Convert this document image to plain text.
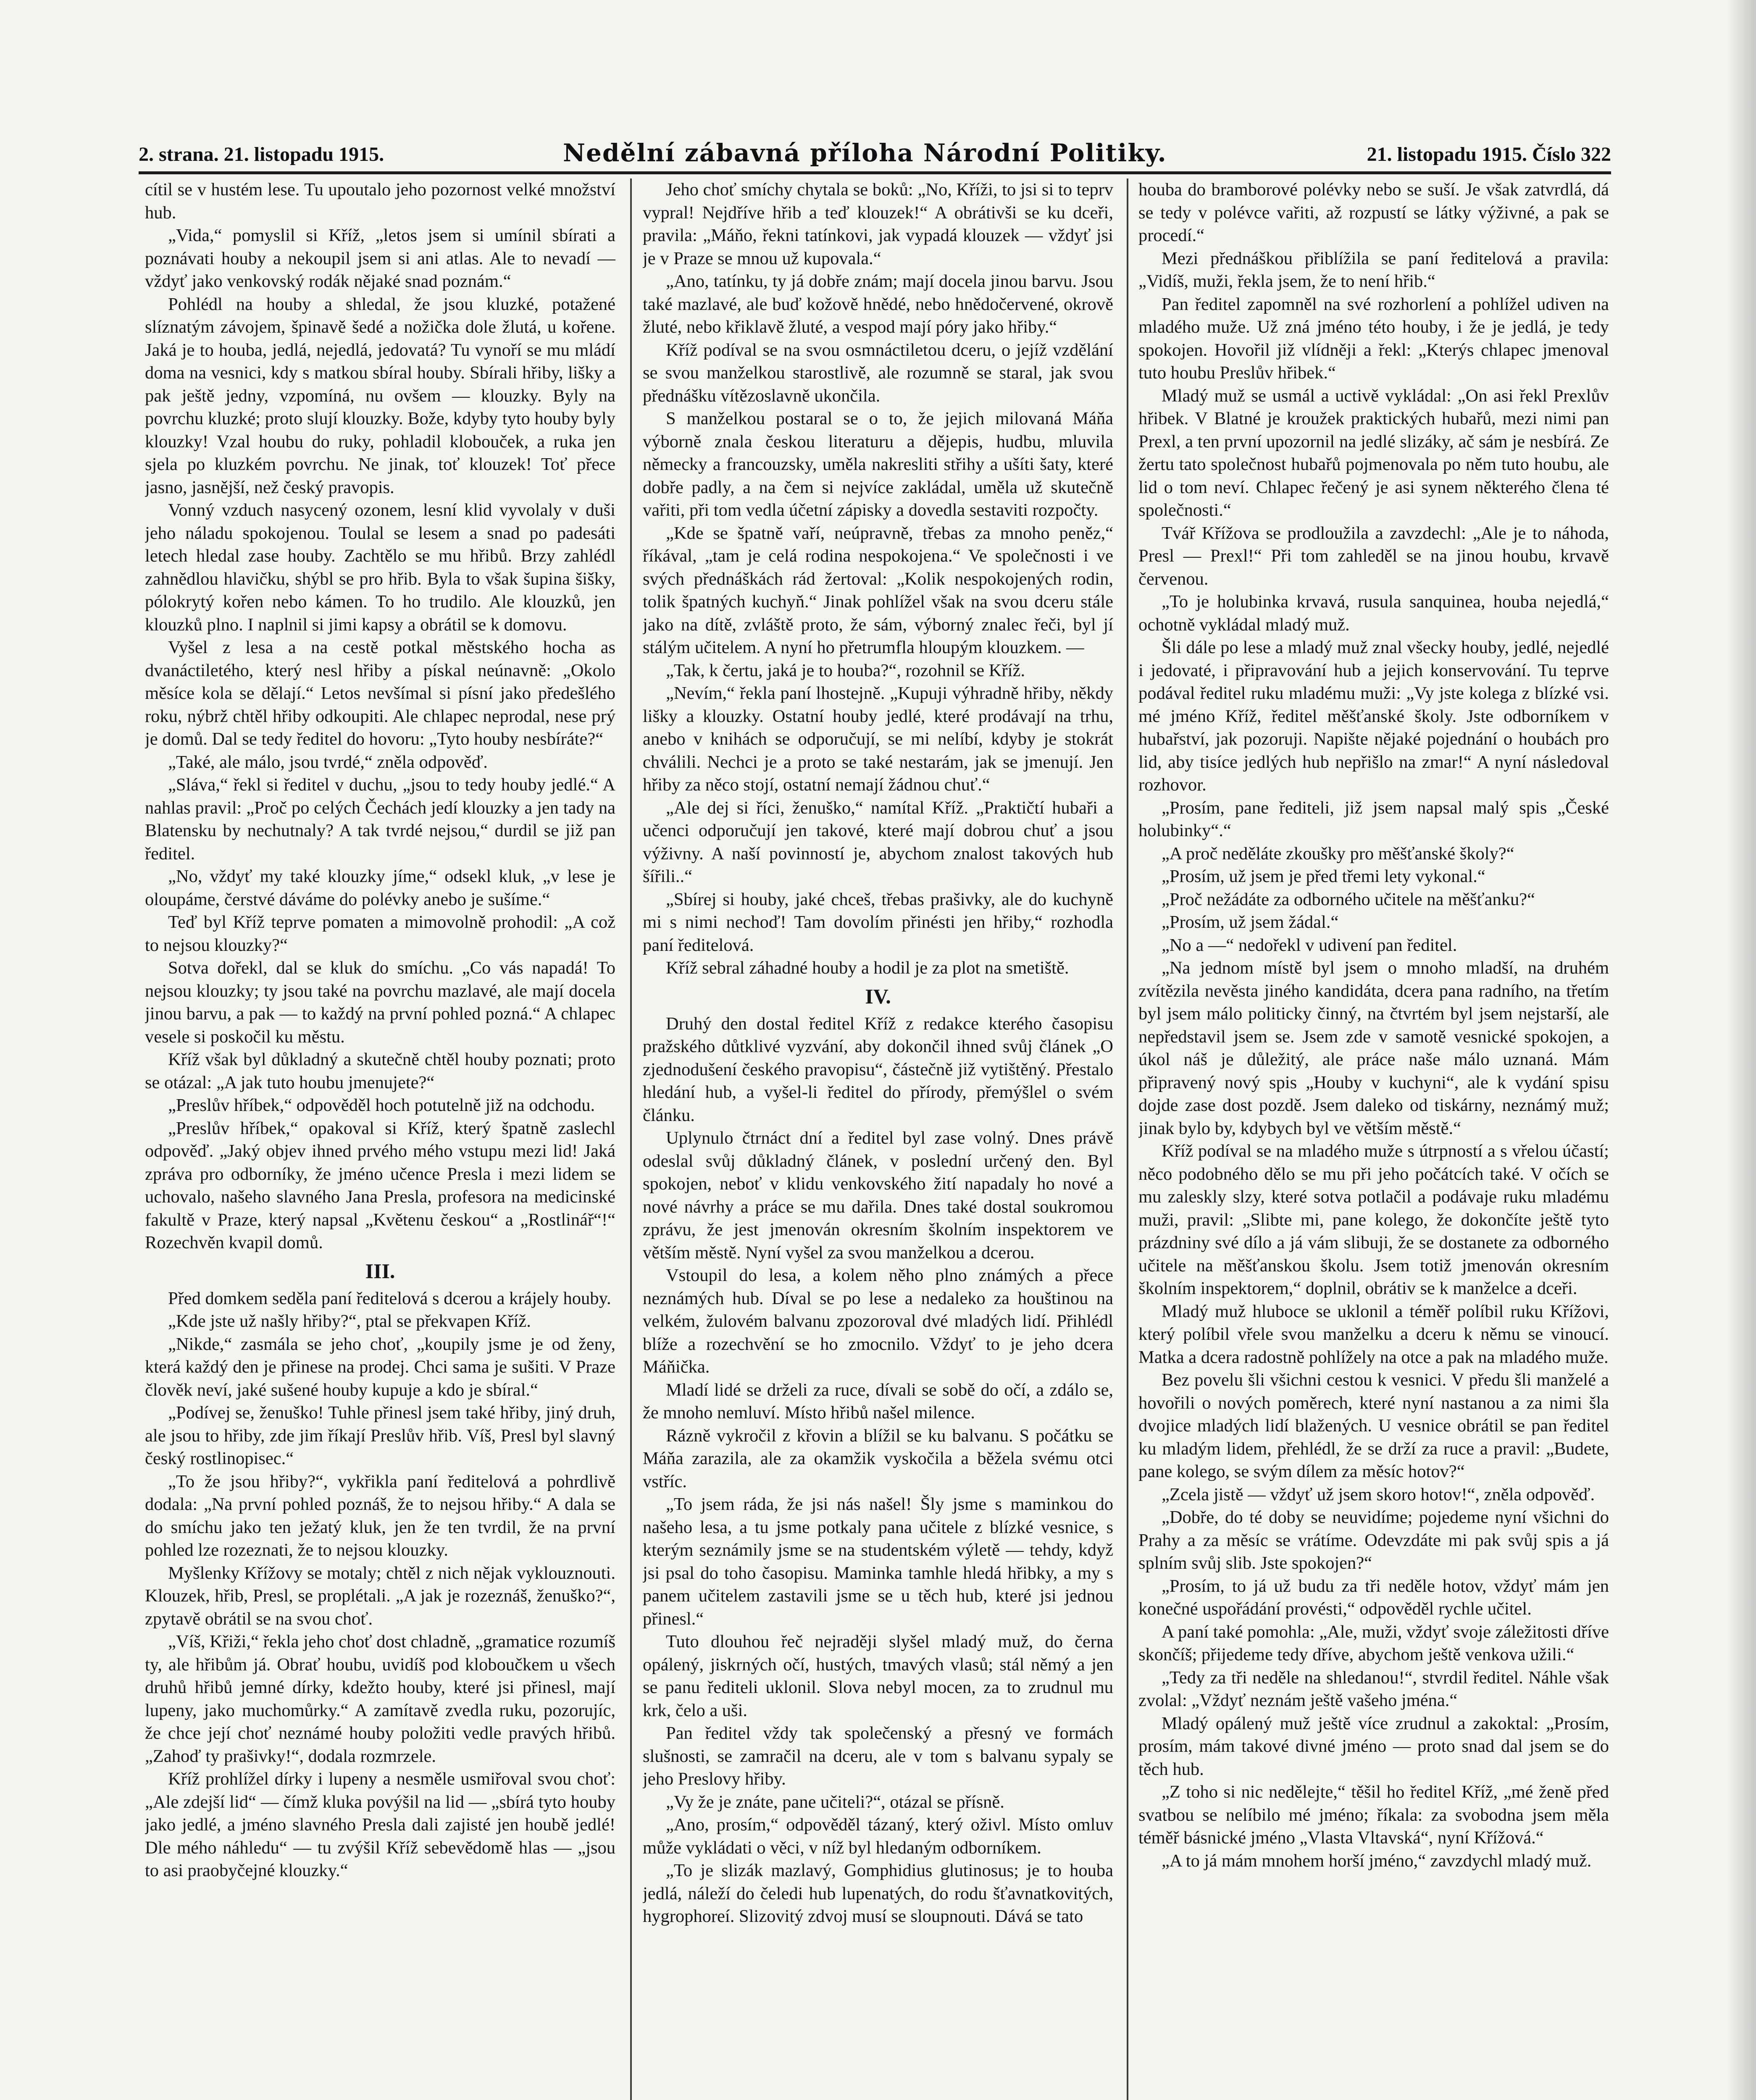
2. strana. 21. listopadu 1915.	Nedělní zábavná příloha Národní Politiky.	21. listopadu 1915. Číslo 322

cítil se v hustém lese. Tu upoutalo jeho pozornost velké množství hub.

„Vida,“ pomyslil si Kříž, „letos jsem si umínil sbírati a poznávati houby a nekoupil jsem si ani atlas. Ale to nevadí — vždyť jako venkovský rodák nějaké snad poznám.“

Pohlédl na houby a shledal, že jsou kluzké, potažené slíznatým závojem, špinavě šedé a nožička dole žlutá, u kořene. Jaká je to houba, jedlá, nejedlá, jedovatá? Tu vynoří se mu mládí doma na vesnici, kdy s matkou sbíral houby. Sbírali hřiby, lišky a pak ještě jedny, vzpomíná, nu ovšem — klouzky. Byly na povrchu kluzké; proto slují klouzky. Bože, kdyby tyto houby byly klouzky! Vzal houbu do ruky, pohladil klobouček, a ruka jen sjela po kluzkém povrchu. Ne jinak, toť klouzek! Toť přece jasno, jasnější, než český pravopis.

Vonný vzduch nasycený ozonem, lesní klid vyvolaly v duši jeho náladu spokojenou. Toulal se lesem a snad po padesáti letech hledal zase houby. Zachtělo se mu hřibů. Brzy zahlédl zahnědlou hlavičku, shýbl se pro hřib. Byla to však šupina šišky, pólokrytý kořen nebo kámen. To ho trudilo. Ale klouzků, jen klouzků plno. I naplnil si jimi kapsy a obrátil se k domovu.

Vyšel z lesa a na cestě potkal městského hocha as dvanáctiletého, který nesl hřiby a pískal neúnavně: „Okolo měsíce kola se dělají.“ Letos nevšímal si písní jako předešlého roku, nýbrž chtěl hřiby odkoupiti. Ale chlapec neprodal, nese prý je domů. Dal se tedy ředitel do hovoru: „Tyto houby nesbíráte?“

„Také, ale málo, jsou tvrdé,“ zněla odpověď.

„Sláva,“ řekl si ředitel v duchu, „jsou to tedy houby jedlé.“ A nahlas pravil: „Proč po celých Čechách jedí klouzky a jen tady na Blatensku by nechutnaly? A tak tvrdé nejsou,“ durdil se již pan ředitel.

„No, vždyť my také klouzky jíme,“ odsekl kluk, „v lese je oloupáme, čerstvé dáváme do polévky anebo je sušíme.“

Teď byl Kříž teprve pomaten a mimovolně prohodil: „A což to nejsou klouzky?“

Sotva dořekl, dal se kluk do smíchu. „Co vás napadá! To nejsou klouzky; ty jsou také na povrchu mazlavé, ale mají docela jinou barvu, a pak — to každý na první pohled pozná.“ A chlapec vesele si poskočil ku městu.

Kříž však byl důkladný a skutečně chtěl houby poznati; proto se otázal: „A jak tuto houbu jmenujete?“

„Preslův hříbek,“ odpověděl hoch potutelně již na odchodu.

„Preslův hříbek,“ opakoval si Kříž, který špatně zaslechl odpověď. „Jaký objev ihned prvého mého vstupu mezi lid! Jaká zpráva pro odborníky, že jméno učence Presla i mezi lidem se uchovalo, našeho slavného Jana Presla, profesora na medicinské fakultě v Praze, který napsal „Květenu českou“ a „Rostlinář“!“ Rozechvěn kvapil domů.

III.

Před domkem seděla paní ředitelová s dcerou a krájely houby.

„Kde jste už našly hřiby?“, ptal se překvapen Kříž.

„Nikde,“ zasmála se jeho choť, „koupily jsme je od ženy, která každý den je přinese na prodej. Chci sama je sušiti. V Praze člověk neví, jaké sušené houby kupuje a kdo je sbíral.“

„Podívej se, ženuško! Tuhle přinesl jsem také hřiby, jiný druh, ale jsou to hřiby, zde jim říkají Preslův hřib. Víš, Presl byl slavný český rostlinopisec.“

„To že jsou hřiby?“, vykřikla paní ředitelová a pohrdlivě dodala: „Na první pohled poznáš, že to nejsou hřiby.“ A dala se do smíchu jako ten ježatý kluk, jen že ten tvrdil, že na první pohled lze rozeznati, že to nejsou klouzky.

Myšlenky Křížovy se motaly; chtěl z nich nějak vyklouznouti. Klouzek, hřib, Presl, se proplétali. „A jak je rozeznáš, ženuško?“, zpytavě obrátil se na svou choť.

„Víš, Křiži,“ řekla jeho choť dost chladně, „gramatice rozumíš ty, ale hřibům já. Obrať houbu, uvidíš pod kloboučkem u všech druhů hřibů jemné dírky, kdežto houby, které jsi přinesl, mají lupeny, jako muchomůrky.“ A zamítavě zvedla ruku, pozorujíc, že chce její choť neznámé houby položiti vedle pravých hřibů. „Zahoď ty prašivky!“, dodala rozmrzele.

Kříž prohlížel dírky i lupeny a nesměle usmiřoval svou choť: „Ale zdejší lid“ — čímž kluka povýšil na lid — „sbírá tyto houby jako jedlé, a jméno slavného Presla dali zajisté jen houbě jedlé! Dle mého náhledu“ — tu zvýšil Kříž sebevědomě hlas — „jsou to asi praobyčejné klouzky.“

Jeho choť smíchy chytala se boků: „No, Kříži, to jsi si to teprv vypral! Nejdříve hřib a teď klouzek!“ A obrátivši se ku dceři, pravila: „Máňo, řekni tatínkovi, jak vypadá klouzek — vždyť jsi je v Praze se mnou už kupovala.“

„Ano, tatínku, ty já dobře znám; mají docela jinou barvu. Jsou také mazlavé, ale buď kožově hnědé, nebo hnědočervené, okrově žluté, nebo křiklavě žluté, a vespod mají póry jako hřiby.“

Kříž podíval se na svou osmnáctiletou dceru, o jejíž vzdělání se svou manželkou starostlivě, ale rozumně se staral, jak svou přednášku vítězoslavně ukončila.

S manželkou postaral se o to, že jejich milovaná Máňa výborně znala českou literaturu a dějepis, hudbu, mluvila německy a francouzsky, uměla nakresliti střihy a ušíti šaty, které dobře padly, a na čem si nejvíce zakládal, uměla už skutečně vařiti, při tom vedla účetní zápisky a dovedla sestaviti rozpočty.

„Kde se špatně vaří, neúpravně, třebas za mnoho peněz,“ říkával, „tam je celá rodina nespokojena.“ Ve společnosti i ve svých přednáškách rád žertoval: „Kolik nespokojených rodin, tolik špatných kuchyň.“ Jinak pohlížel však na svou dceru stále jako na dítě, zvláště proto, že sám, výborný znalec řeči, byl jí stálým učitelem. A nyní ho přetrumfla hloupým klouzkem. —

„Tak, k čertu, jaká je to houba?“, rozohnil se Kříž.

„Nevím,“ řekla paní lhostejně. „Kupuji výhradně hřiby, někdy lišky a klouzky. Ostatní houby jedlé, které prodávají na trhu, anebo v knihách se odporučují, se mi nelíbí, kdyby je stokrát chválili. Nechci je a proto se také nestarám, jak se jmenují. Jen hřiby za něco stojí, ostatní nemají žádnou chuť.“

„Ale dej si říci, ženuško,“ namítal Kříž. „Praktičtí hubaři a učenci odporučují jen takové, které mají dobrou chuť a jsou výživny. A naší povinností je, abychom znalost takových hub šířili..“

„Sbírej si houby, jaké chceš, třebas prašivky, ale do kuchyně mi s nimi nechoď! Tam dovolím přinésti jen hřiby,“ rozhodla paní ředitelová.

Kříž sebral záhadné houby a hodil je za plot na smetiště.

IV.

Druhý den dostal ředitel Kříž z redakce kterého časopisu pražského důtklivé vyzvání, aby dokončil ihned svůj článek „O zjednodušení českého pravopisu“, částečně již vytištěný. Přestalo hledání hub, a vyšel-li ředitel do přírody, přemýšlel o svém článku.

Uplynulo čtrnáct dní a ředitel byl zase volný. Dnes právě odeslal svůj důkladný článek, v poslední určený den. Byl spokojen, neboť v klidu venkovského žití napadaly ho nové a nové návrhy a práce se mu dařila. Dnes také dostal soukromou zprávu, že jest jmenován okresním školním inspektorem ve větším městě. Nyní vyšel za svou manželkou a dcerou.

Vstoupil do lesa, a kolem něho plno známých a přece neznámých hub. Díval se po lese a nedaleko za houštinou na velkém, žulovém balvanu zpozoroval dvé mladých lidí. Přihlédl blíže a rozechvění se ho zmocnilo. Vždyť to je jeho dcera Máňička.

Mladí lidé se drželi za ruce, dívali se sobě do očí, a zdálo se, že mnoho nemluví. Místo hřibů našel milence.

Rázně vykročil z křovin a blížil se ku balvanu. S počátku se Máňa zarazila, ale za okamžik vyskočila a běžela svému otci vstříc.

„To jsem ráda, že jsi nás našel! Šly jsme s maminkou do našeho lesa, a tu jsme potkaly pana učitele z blízké vesnice, s kterým seznámily jsme se na studentském výletě — tehdy, když jsi psal do toho časopisu. Maminka tamhle hledá hřibky, a my s panem učitelem zastavili jsme se u těch hub, které jsi jednou přinesl.“

Tuto dlouhou řeč nejraději slyšel mladý muž, do černa opálený, jiskrných očí, hustých, tmavých vlasů; stál němý a jen se panu řediteli uklonil. Slova nebyl mocen, za to zrudnul mu krk, čelo a uši.

Pan ředitel vždy tak společenský a přesný ve formách slušnosti, se zamračil na dceru, ale v tom s balvanu sypaly se jeho Preslovy hřiby.

„Vy že je znáte, pane učiteli?“, otázal se přísně.

„Ano, prosím,“ odpověděl tázaný, který oživl. Místo omluv může vykládati o věci, v níž byl hledaným odborníkem.

„To je slizák mazlavý, Gomphidius glutinosus; je to houba jedlá, náleží do čeledi hub lupenatých, do rodu šťavnatkovitých, hygrophoreí. Slizovitý zdvoj musí se sloupnouti. Dává se tato

houba do bramborové polévky nebo se suší. Je však zatvrdlá, dá se tedy v polévce vařiti, až rozpustí se látky výživné, a pak se procedí.“

Mezi přednáškou přiblížila se paní ředitelová a pravila: „Vidíš, muži, řekla jsem, že to není hřib.“

Pan ředitel zapomněl na své rozhorlení a pohlížel udiven na mladého muže. Už zná jméno této houby, i že je jedlá, je tedy spokojen. Hovořil již vlídněji a řekl: „Kterýs chlapec jmenoval tuto houbu Preslův hřibek.“

Mladý muž se usmál a uctivě vykládal: „On asi řekl Prexlův hřibek. V Blatné je kroužek praktických hubařů, mezi nimi pan Prexl, a ten první upozornil na jedlé slizáky, ač sám je nesbírá. Ze žertu tato společnost hubařů pojmenovala po něm tuto houbu, ale lid o tom neví. Chlapec řečený je asi synem některého člena té společnosti.“

Tvář Křížova se prodloužila a zavzdechl: „Ale je to náhoda, Presl — Prexl!“ Při tom zahleděl se na jinou houbu, krvavě červenou.

„To je holubinka krvavá, rusula sanquinea, houba nejedlá,“ ochotně vykládal mladý muž.

Šli dále po lese a mladý muž znal všecky houby, jedlé, nejedlé i jedovaté, i připravování hub a jejich konservování. Tu teprve podával ředitel ruku mladému muži: „Vy jste kolega z blízké vsi. mé jméno Kříž, ředitel měšťanské školy. Jste odborníkem v hubařství, jak pozoruji. Napište nějaké pojednání o houbách pro lid, aby tisíce jedlých hub nepřišlo na zmar!“ A nyní následoval rozhovor.

„Prosím, pane řediteli, již jsem napsal malý spis „České holubinky“.“

„A proč neděláte zkoušky pro měšťanské školy?“

„Prosím, už jsem je před třemi lety vykonal.“

„Proč nežádáte za odborného učitele na měšťanku?“

„Prosím, už jsem žádal.“

„No a —“ nedořekl v udivení pan ředitel.

„Na jednom místě byl jsem o mnoho mladší, na druhém zvítězila nevěsta jiného kandidáta, dcera pana radního, na třetím byl jsem málo politicky činný, na čtvrtém byl jsem nejstarší, ale nepředstavil jsem se. Jsem zde v samotě vesnické spokojen, a úkol náš je důležitý, ale práce naše málo uznaná. Mám připravený nový spis „Houby v kuchyni“, ale k vydání spisu dojde zase dost pozdě. Jsem daleko od tiskárny, neznámý muž; jinak bylo by, kdybych byl ve větším městě.“

Kříž podíval se na mladého muže s útrpností a s vřelou účastí; něco podobného dělo se mu při jeho počátcích také. V očích se mu zaleskly slzy, které sotva potlačil a podávaje ruku mladému muži, pravil: „Slibte mi, pane kolego, že dokončíte ještě tyto prázdniny své dílo a já vám slibuji, že se dostanete za odborného učitele na měšťanskou školu. Jsem totiž jmenován okresním školním inspektorem,“ doplnil, obrátiv se k manželce a dceři.

Mladý muž hluboce se uklonil a téměř políbil ruku Křížovi, který políbil vřele svou manželku a dceru k němu se vinoucí. Matka a dcera radostně pohlížely na otce a pak na mladého muže.

Bez povelu šli všichni cestou k vesnici. V předu šli manželé a hovořili o nových poměrech, které nyní nastanou a za nimi šla dvojice mladých lidí blažených. U vesnice obrátil se pan ředitel ku mladým lidem, přehlédl, že se drží za ruce a pravil: „Budete, pane kolego, se svým dílem za měsíc hotov?“

„Zcela jistě — vždyť už jsem skoro hotov!“, zněla odpověď.

„Dobře, do té doby se neuvidíme; pojedeme nyní všichni do Prahy a za měsíc se vrátíme. Odevzdáte mi pak svůj spis a já splním svůj slib. Jste spokojen?“

„Prosím, to já už budu za tři neděle hotov, vždyť mám jen konečné uspořádání provésti,“ odpověděl rychle učitel.

A paní také pomohla: „Ale, muži, vždyť svoje záležitosti dříve skončíš; přijedeme tedy dříve, abychom ještě venkova užili.“

„Tedy za tři neděle na shledanou!“, stvrdil ředitel. Náhle však zvolal: „Vždyť neznám ještě vašeho jména.“

Mladý opálený muž ještě více zrudnul a zakoktal: „Prosím, prosím, mám takové divné jméno — proto snad dal jsem se do těch hub.

„Z toho si nic nedělejte,“ těšil ho ředitel Kříž, „mé ženě před svatbou se nelíbilo mé jméno; říkala: za svobodna jsem měla téměř básnické jméno „Vlasta Vltavská“, nyní Křížová.“

„A to já mám mnohem horší jméno,“ zavzdychl mladý muž.
